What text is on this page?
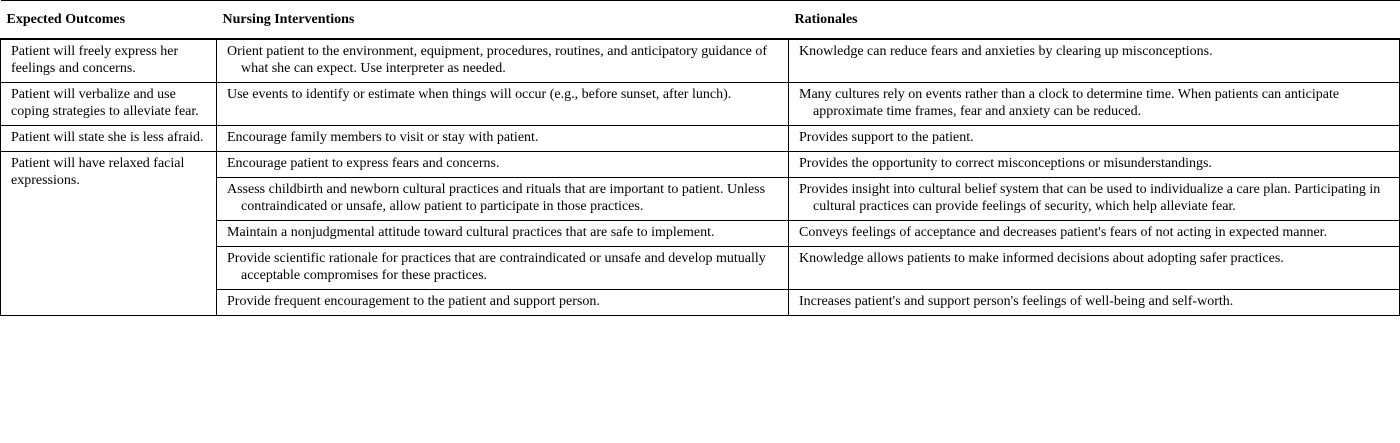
Expected Outcomes	Nursing Interventions	Rationales
Patient will freely express her feelings and concerns.	Orient patient to the environment, equipment, procedures, routines, and anticipatory guidance of what she can expect. Use interpreter as needed.	Knowledge can reduce fears and anxieties by clearing up misconceptions.
Patient will verbalize and use coping strategies to alleviate fear.	Use events to identify or estimate when things will occur (e.g., before sunset, after lunch).	Many cultures rely on events rather than a clock to determine time. When patients can anticipate approximate time frames, fear and anxiety can be reduced.
Patient will state she is less afraid.	Encourage family members to visit or stay with patient.	Provides support to the patient.
Patient will have relaxed facial expressions.	Encourage patient to express fears and concerns.	Provides the opportunity to correct misconceptions or misunderstandings.
	Assess childbirth and newborn cultural practices and rituals that are important to patient. Unless contraindicated or unsafe, allow patient to participate in those practices.	Provides insight into cultural belief system that can be used to individualize a care plan. Participating in cultural practices can provide feelings of security, which help alleviate fear.
	Maintain a nonjudgmental attitude toward cultural practices that are safe to implement.	Conveys feelings of acceptance and decreases patient's fears of not acting in expected manner.
	Provide scientific rationale for practices that are contraindicated or unsafe and develop mutually acceptable compromises for these practices.	Knowledge allows patients to make informed decisions about adopting safer practices.
	Provide frequent encouragement to the patient and support person.	Increases patient's and support person's feelings of well-being and self-worth.
